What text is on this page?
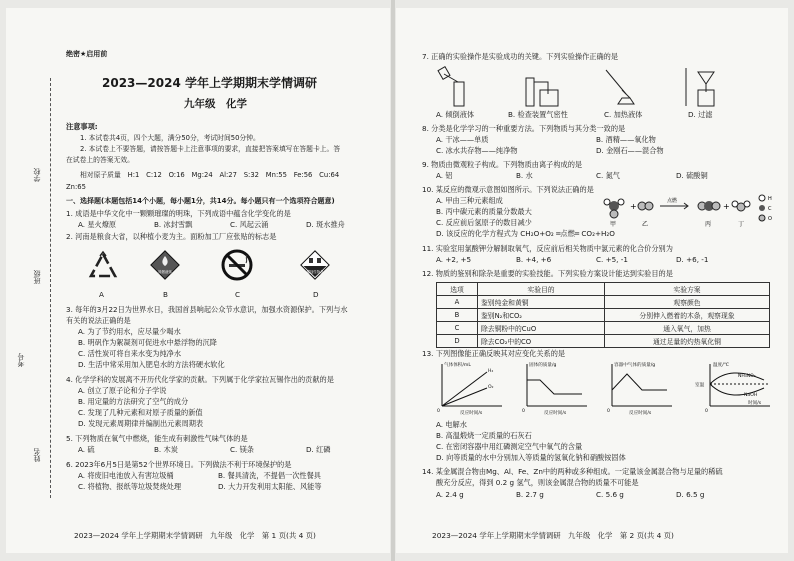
学校
班级
姓名
考号
绝密★启用前
2023—2024 学年上学期期末学情调研
九年级　化学
注意事项:
1. 本试卷共4页，四个大题，满分50分，考试时间50分钟。
2. 本试卷上不要答题，请按答题卡上注意事项的要求，直接把答案填写在答题卡上。答
在试卷上的答案无效。
相对原子质量　H:1　C:12　O:16　Mg:24　Al:27　S:32　Mn:55　Fe:56　Cu:64
Zn:65
一、选择题(本题包括14个小题，每小题1分，共14分。每小题只有一个选项符合题意)
1. 成语是中华文化中一颗颗璀璨的明珠，下列成语中蕴含化学变化的是
A. 星火燎原	B. 冰封雪飘	C. 风起云涌	D. 斑水推舟
2. 河南是粮食大省，以种植小麦为主。面粉加工厂应张贴的标志是
易燃液体	腐蚀性物品
A	B	C	D
3. 每年的3月22日为世界水日，我国首县响起公众节水意识，加强水资源保护。下列与水
有关的说法正确的是
A. 为了节约用水，应尽量少喝水
B. 明矾作为絮凝剂可促进水中悬浮物的沉降
C. 活性炭可将自来水变为纯净水
D. 生活中常采用加入肥皂水的方法将硬水软化
4. 化学学科的发展离不开历代化学家的贡献。下列属于化学家拉瓦锡作出的贡献的是
A. 创立了原子论和分子学说
B. 用定量的方法研究了空气的成分
C. 发现了几种元素和对原子质量的新值
D. 发现元素周期律并编制出元素周期表
5. 下列物质在氧气中燃烧，能生成有刺激性气味气体的是
A. 硫	B. 木炭	C. 镁条	D. 红磷
6. 2023年6月5日是第52个世界环境日。下列做法不利于环境保护的是
A. 将废旧电池放入有害垃圾桶	B. 餐具清洗，不提倡一次性餐具
C. 将植物、报纸等垃圾焚烧处理	D. 大力开发利用太阳能、风能等
2023—2024 学年上学期期末学情调研　九年级　化学　第 1 页(共 4 页)
7. 正确的实验操作是实验成功的关键。下列实验操作正确的是
A. 倾倒液体	B. 检查装置气密性	C. 加热液体	D. 过滤
8. 分类是化学学习的一种重要方法。下列物质与其分类一致的是
A. 干冰——单质	B. 酒精——氧化物
C. 冰水共存物——纯净物	D. 金刚石——混合物
9. 物质由微观粒子构成。下列物质由离子构成的是
A. 铝	B. 水	C. 氮气	D. 硫酸铜
10. 某反应的微观示意图如图所示。下列说法正确的是
A. 甲由三种元素组成
B. 丙中碳元素的质量分数最大
C. 反应前后氢原子的数目减少
D. 该反应的化学方程式为 CH₂O+O₂ ═点燃═ CO₂+H₂O
+
点燃
+
甲	乙	丙	丁
H
C
O
11. 实验室用氯酸钾分解制取氧气，反应前后相关物质中氯元素的化合价分别为
A. +2, +5	B. +4, +6	C. +5, -1	D. +6, -1
12. 物质的鉴别和除杂是重要的实验技能。下列实验方案设计能达到实验目的是
选项	实验目的	实验方案
A	鉴别纯金和黄铜	观察颜色
B	鉴别N₂和CO₂	分别伸入燃着的木条，观察现象
C	除去铜粉中的CuO	通入氧气，加热
D	除去CO₂中的CO	通过足量的灼热氧化铜
13. 下列图像能正确反映其对应变化关系的是
气体体积/mL
H₂
O₂
0	反应时间/s
固体的质量/g
0	反应时间/s
容器中气体的质量/g
0	反应时间/s
温度/℃
室温
NH₄NO₃
NaOH
0
时间/s
A. 电解水
B. 高温煅烧一定质量的石灰石
C. 在密闭容器中用红磷测定空气中氧气的含量
D. 向等质量的水中分别加入等质量的氢氧化钠和硝酸铵固体
14. 某金属混合物由Mg、Al、Fe、Zn中的两种或多种组成。一定量该金属混合物与足量的稀硫
酸充分反应，得到 0.2 g 氢气，则该金属混合物的质量不可能是
A. 2.4 g	B. 2.7 g	C. 5.6 g	D. 6.5 g
2023—2024 学年上学期期末学情调研　九年级　化学　第 2 页(共 4 页)
